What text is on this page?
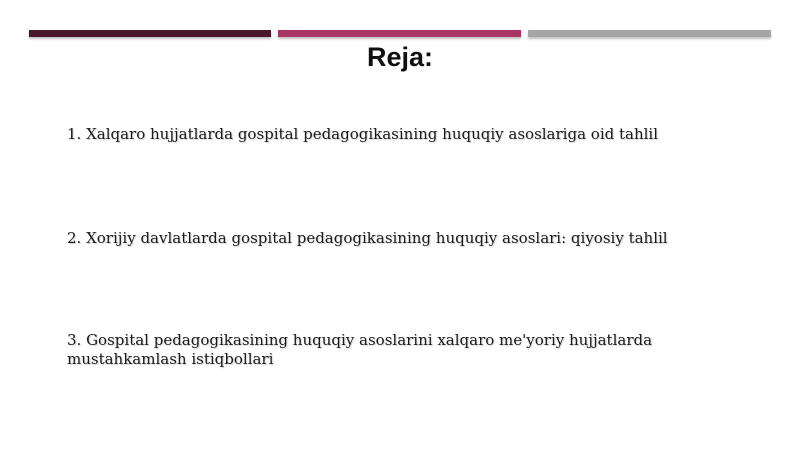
Reja:
1. Xalqaro hujjatlarda gospital pedagogikasining huquqiy asoslariga oid tahlil
2. Xorijiy davlatlarda gospital pedagogikasining huquqiy asoslari: qiyosiy tahlil
3. Gospital pedagogikasining huquqiy asoslarini xalqaro me'yoriy hujjatlarda mustahkamlash istiqbollari
